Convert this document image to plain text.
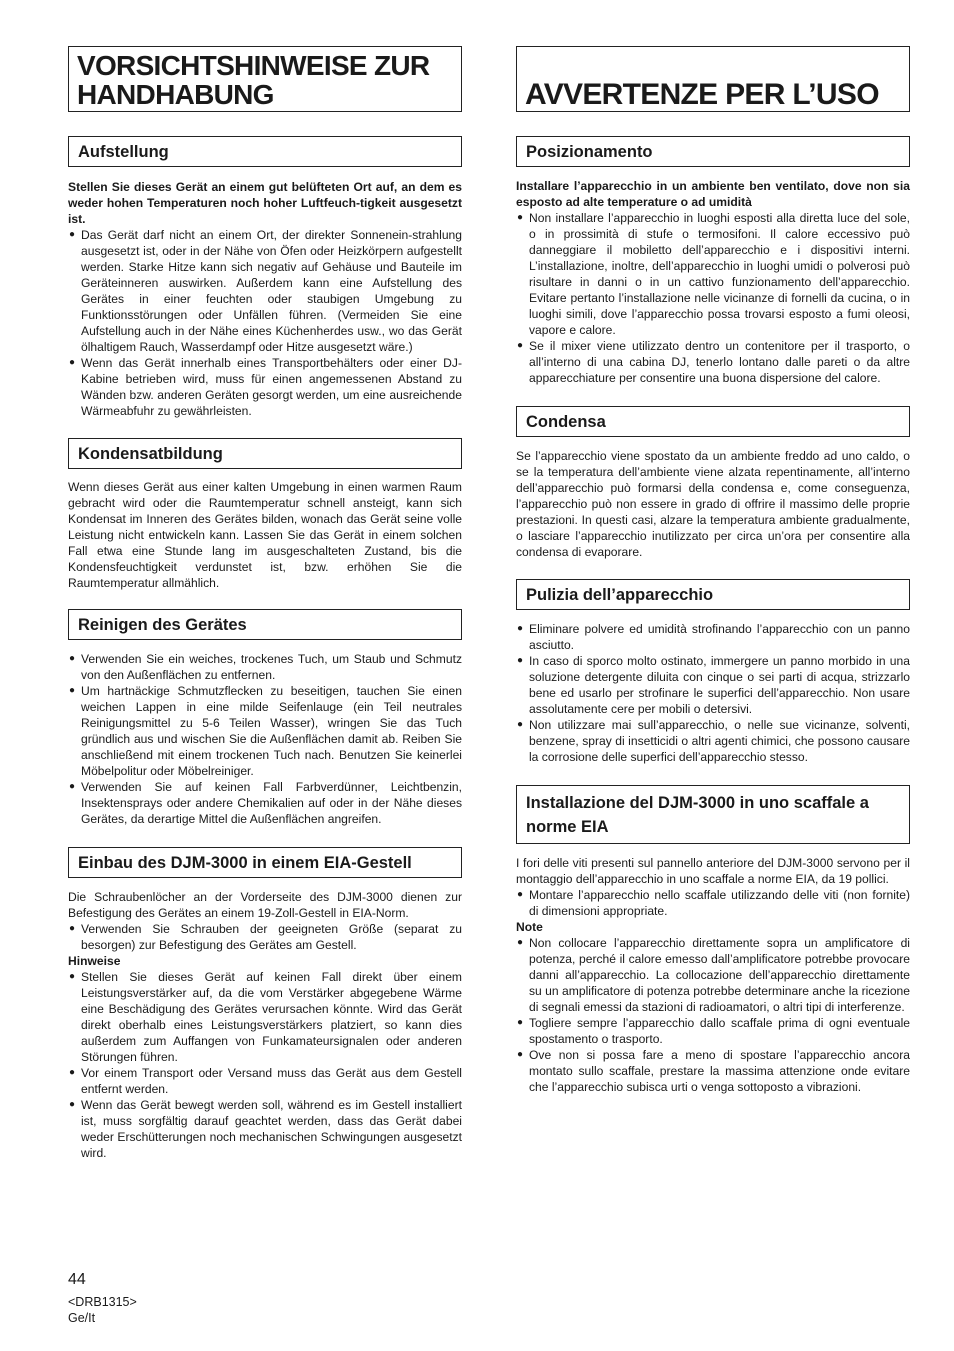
VORSICHTSHINWEISE ZUR HANDHABUNG
Aufstellung

Stellen Sie dieses Gerät an einem gut belüfteten Ort auf, an dem es weder hohen Temperaturen noch hoher Luftfeuch-tigkeit ausgesetzt ist.

● Das Gerät darf nicht an einem Ort, der direkter Sonnenein-strahlung ausgesetzt ist, oder in der Nähe von Öfen oder Heizkörpern aufgestellt werden. Starke Hitze kann sich negativ auf Gehäuse und Bauteile im Geräteinneren auswirken. Außerdem kann eine Aufstellung des Gerätes in einer feuchten oder staubigen Umgebung zu Funktionsstörungen oder Unfällen führen. (Vermeiden Sie eine Aufstellung auch in der Nähe eines Küchenherdes usw., wo das Gerät ölhaltigem Rauch, Wasserdampf oder Hitze ausgesetzt wäre.)
● Wenn das Gerät innerhalb eines Transportbehälters oder einer DJ-Kabine betrieben wird, muss für einen angemessenen Abstand zu Wänden bzw. anderen Geräten gesorgt werden, um eine ausreichende Wärmeabfuhr zu gewährleisten.
Kondensatbildung

Wenn dieses Gerät aus einer kalten Umgebung in einen warmen Raum gebracht wird oder die Raumtemperatur schnell ansteigt, kann sich Kondensat im Inneren des Gerätes bilden, wonach das Gerät seine volle Leistung nicht entwickeln kann. Lassen Sie das Gerät in einem solchen Fall etwa eine Stunde lang im ausgeschalteten Zustand, bis die Kondensfeuchtigkeit verdunstet ist, bzw. erhöhen Sie die Raumtemperatur allmählich.

Reinigen des Gerätes
● Verwenden Sie ein weiches, trockenes Tuch, um Staub und Schmutz von den Außenflächen zu entfernen.
● Um hartnäckige Schmutzflecken zu beseitigen, tauchen Sie einen weichen Lappen in eine milde Seifenlauge (ein Teil neutrales Reinigungsmittel zu 5-6 Teilen Wasser), wringen Sie das Tuch gründlich aus und wischen Sie die Außenflächen damit ab. Reiben Sie anschließend mit einem trockenen Tuch nach. Benutzen Sie keinerlei Möbelpolitur oder Möbelreiniger.
● Verwenden Sie auf keinen Fall Farbverdünner, Leichtbenzin, Insektensprays oder andere Chemikalien auf oder in der Nähe dieses Gerätes, da derartige Mittel die Außenflächen angreifen.
Einbau des DJM-3000 in einem EIA-Gestell

Die Schraubenlöcher an der Vorderseite des DJM-3000 dienen zur Befestigung des Gerätes an einem 19-Zoll-Gestell in EIA-Norm.

● Verwenden Sie Schrauben der geeigneten Größe (separat zu besorgen) zur Befestigung des Gerätes am Gestell.
Hinweise
● Stellen Sie dieses Gerät auf keinen Fall direkt über einem Leistungsverstärker auf, da die vom Verstärker abgegebene Wärme eine Beschädigung des Gerätes verursachen könnte. Wird das Gerät direkt oberhalb eines Leistungsverstärkers platziert, so kann dies außerdem zum Auffangen von Funkamateursignalen oder anderen Störungen führen.
● Vor einem Transport oder Versand muss das Gerät aus dem Gestell entfernt werden.
● Wenn das Gerät bewegt werden soll, während es im Gestell installiert ist, muss sorgfältig darauf geachtet werden, dass das Gerät dabei weder Erschütterungen noch mechanischen Schwingungen ausgesetzt wird.
AVVERTENZE PER L’USO
Posizionamento

Installare l’apparecchio in un ambiente ben ventilato, dove non sia esposto ad alte temperature o ad umidità

● Non installare l’apparecchio in luoghi esposti alla diretta luce del sole, o in prossimità di stufe o termosifoni. Il calore eccessivo può danneggiare il mobiletto dell’apparecchio e i dispositivi interni. L’installazione, inoltre, dell’apparecchio in luoghi umidi o polverosi può risultare in danni o in un cattivo funzionamento dell’apparecchio. Evitare pertanto l’installazione nelle vicinanze di fornelli da cucina, o in luoghi simili, dove l’apparecchio possa trovarsi esposto a fumi oleosi, vapore e calore.
● Se il mixer viene utilizzato dentro un contenitore per il trasporto, o all’interno di una cabina DJ, tenerlo lontano dalle pareti o da altre apparecchiature per consentire una buona dispersione del calore.
Condensa

Se l’apparecchio viene spostato da un ambiente freddo ad uno caldo, o se la temperatura dell’ambiente viene alzata repentinamente, all’interno dell’apparecchio può formarsi della condensa e, come conseguenza, l’apparecchio può non essere in grado di offrire il massimo delle proprie prestazioni. In questi casi, alzare la temperatura ambiente gradualmente, o lasciare l’apparecchio inutilizzato per circa un’ora per consentire alla condensa di evaporare.

Pulizia dell’apparecchio
● Eliminare polvere ed umidità strofinando l’apparecchio con un panno asciutto.
● In caso di sporco molto ostinato, immergere un panno morbido in una soluzione detergente diluita con cinque o sei parti di acqua, strizzarlo bene ed usarlo per strofinare le superfici dell’apparecchio. Non usare assolutamente cere per mobili o detersivi.
● Non utilizzare mai sull’apparecchio, o nelle sue vicinanze, solventi, benzene, spray di insetticidi o altri agenti chimici, che possono causare la corrosione delle superfici dell’apparecchio stesso.
Installazione del DJM-3000 in uno scaffale a norme EIA

I fori delle viti presenti sul pannello anteriore del DJM-3000 servono per il montaggio dell’apparecchio in uno scaffale a norme EIA, da 19 pollici.

● Montare l’apparecchio nello scaffale utilizzando delle viti (non fornite) di dimensioni appropriate.
Note
● Non collocare l’apparecchio direttamente sopra un amplificatore di potenza, perché il calore emesso dall’amplificatore potrebbe provocare danni all’apparecchio. La collocazione dell’apparecchio direttamente su un amplificatore di potenza potrebbe determinare anche la ricezione di segnali emessi da stazioni di radioamatori, o altri tipi di interferenze.
● Togliere sempre l’apparecchio dallo scaffale prima di ogni eventuale spostamento o trasporto.
● Ove non si possa fare a meno di spostare l’apparecchio ancora montato sullo scaffale, prestare la massima attenzione onde evitare che l’apparecchio subisca urti o venga sottoposto a vibrazioni.
44
<DRB1315>
Ge/It
